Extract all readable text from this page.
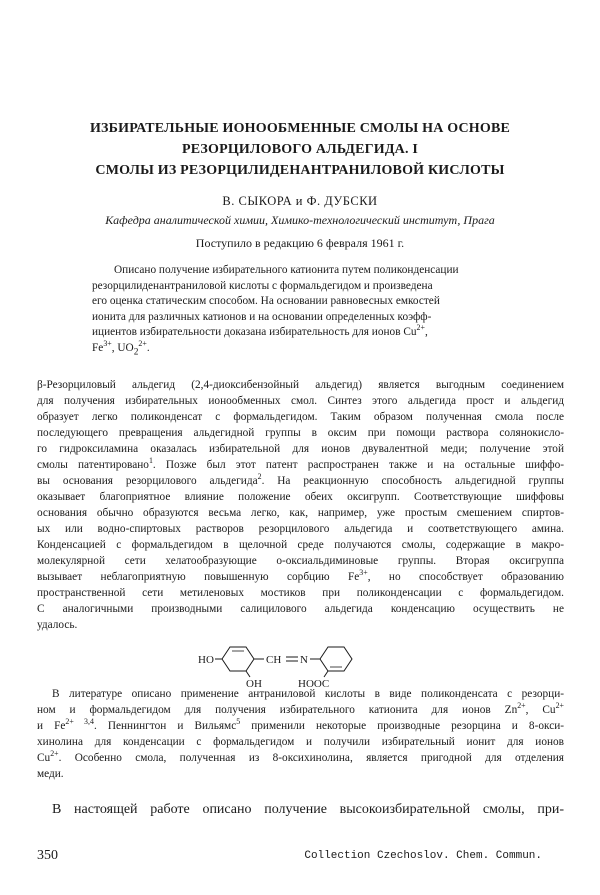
ИЗБИРАТЕЛЬНЫЕ ИОНООБМЕННЫЕ СМОЛЫ НА ОСНОВЕ
РЕЗОРЦИЛОВОГО АЛЬДЕГИДА. I
СМОЛЫ ИЗ РЕЗОРЦИЛИДЕНАНТРАНИЛОВОЙ КИСЛОТЫ
В. СЫКОРА и Ф. ДУБСКИ
Кафедра аналитической химии, Химико-технологический институт, Прага
Поступило в редакцию 6 февраля 1961 г.
Описано получение избирательного катионита путем поликонденсации
резорцилиденантраниловой кислоты с формальдегидом и произведена
его оценка статическим способом. На основании равновесных емкостей
ионита для различных катионов и на основании определенных коэфф-
ициентов избирательности доказана избирательность для ионов $Cu^{2+}$,
$Fe^{3+}$, $UO_2^{2+}$.
β-Резорциловый альдегид (2,4-диоксибензойный альдегид) является выгодным соединением
для получения избирательных ионообменных смол. Синтез этого альдегида прост и альдегид
образует легко поликонденсат с формальдегидом. Таким образом полученная смола после
последующего превращения альдегидной группы в оксим при помощи раствора солянокисло-
го гидроксиламина оказалась избирательной для ионов двувалентной меди; получение этой
смолы патентировано$^1$. Позже был этот патент распространен также и на остальные шиффо-
вы основания резорцилового альдегида$^2$. На реакционную способность альдегидной группы
оказывает благоприятное влияние положение обеих оксигрупп. Соответствующие шиффовы
основания обычно образуются весьма легко, как, например, уже простым смешением спиртов-
ых или водно-спиртовых растворов резорцилового альдегида и соответствующего амина.
Конденсацией с формальдегидом в щелочной среде получаются смолы, содержащие в макро-
молекулярной сети хелатообразующие о-оксиальдиминовые группы. Вторая оксигруппа
вызывает неблагоприятную повышенную сорбцию $Fe^{3+}$, но способствует образованию
пространственной сети метиленовых мостиков при поликонденсации с формальдегидом.
С аналогичными производными салицилового альдегида конденсацию осуществить не
удалось.
HO	CH N
OH	HOOC
В литературе описано применение антраниловой кислоты в виде поликонденсата с резорци-
ном и формальдегидом для получения избирательного катионита для ионов $Zn^{2+}$, $Cu^{2+}$
и $Fe^{2+ 3,4}$. Пеннингтон и Вильямс$^5$ применили некоторые производные резорцина и 8-окси-
хинолина для конденсации с формальдегидом и получили избирательный ионит для ионов
$Cu^{2+}$. Особенно смола, полученная из 8-оксихинолина, является пригодной для отделения
меди.
В настоящей работе описано получение высокоизбирательной смолы, при-
350	Collection Czechoslov. Chem. Commun.
